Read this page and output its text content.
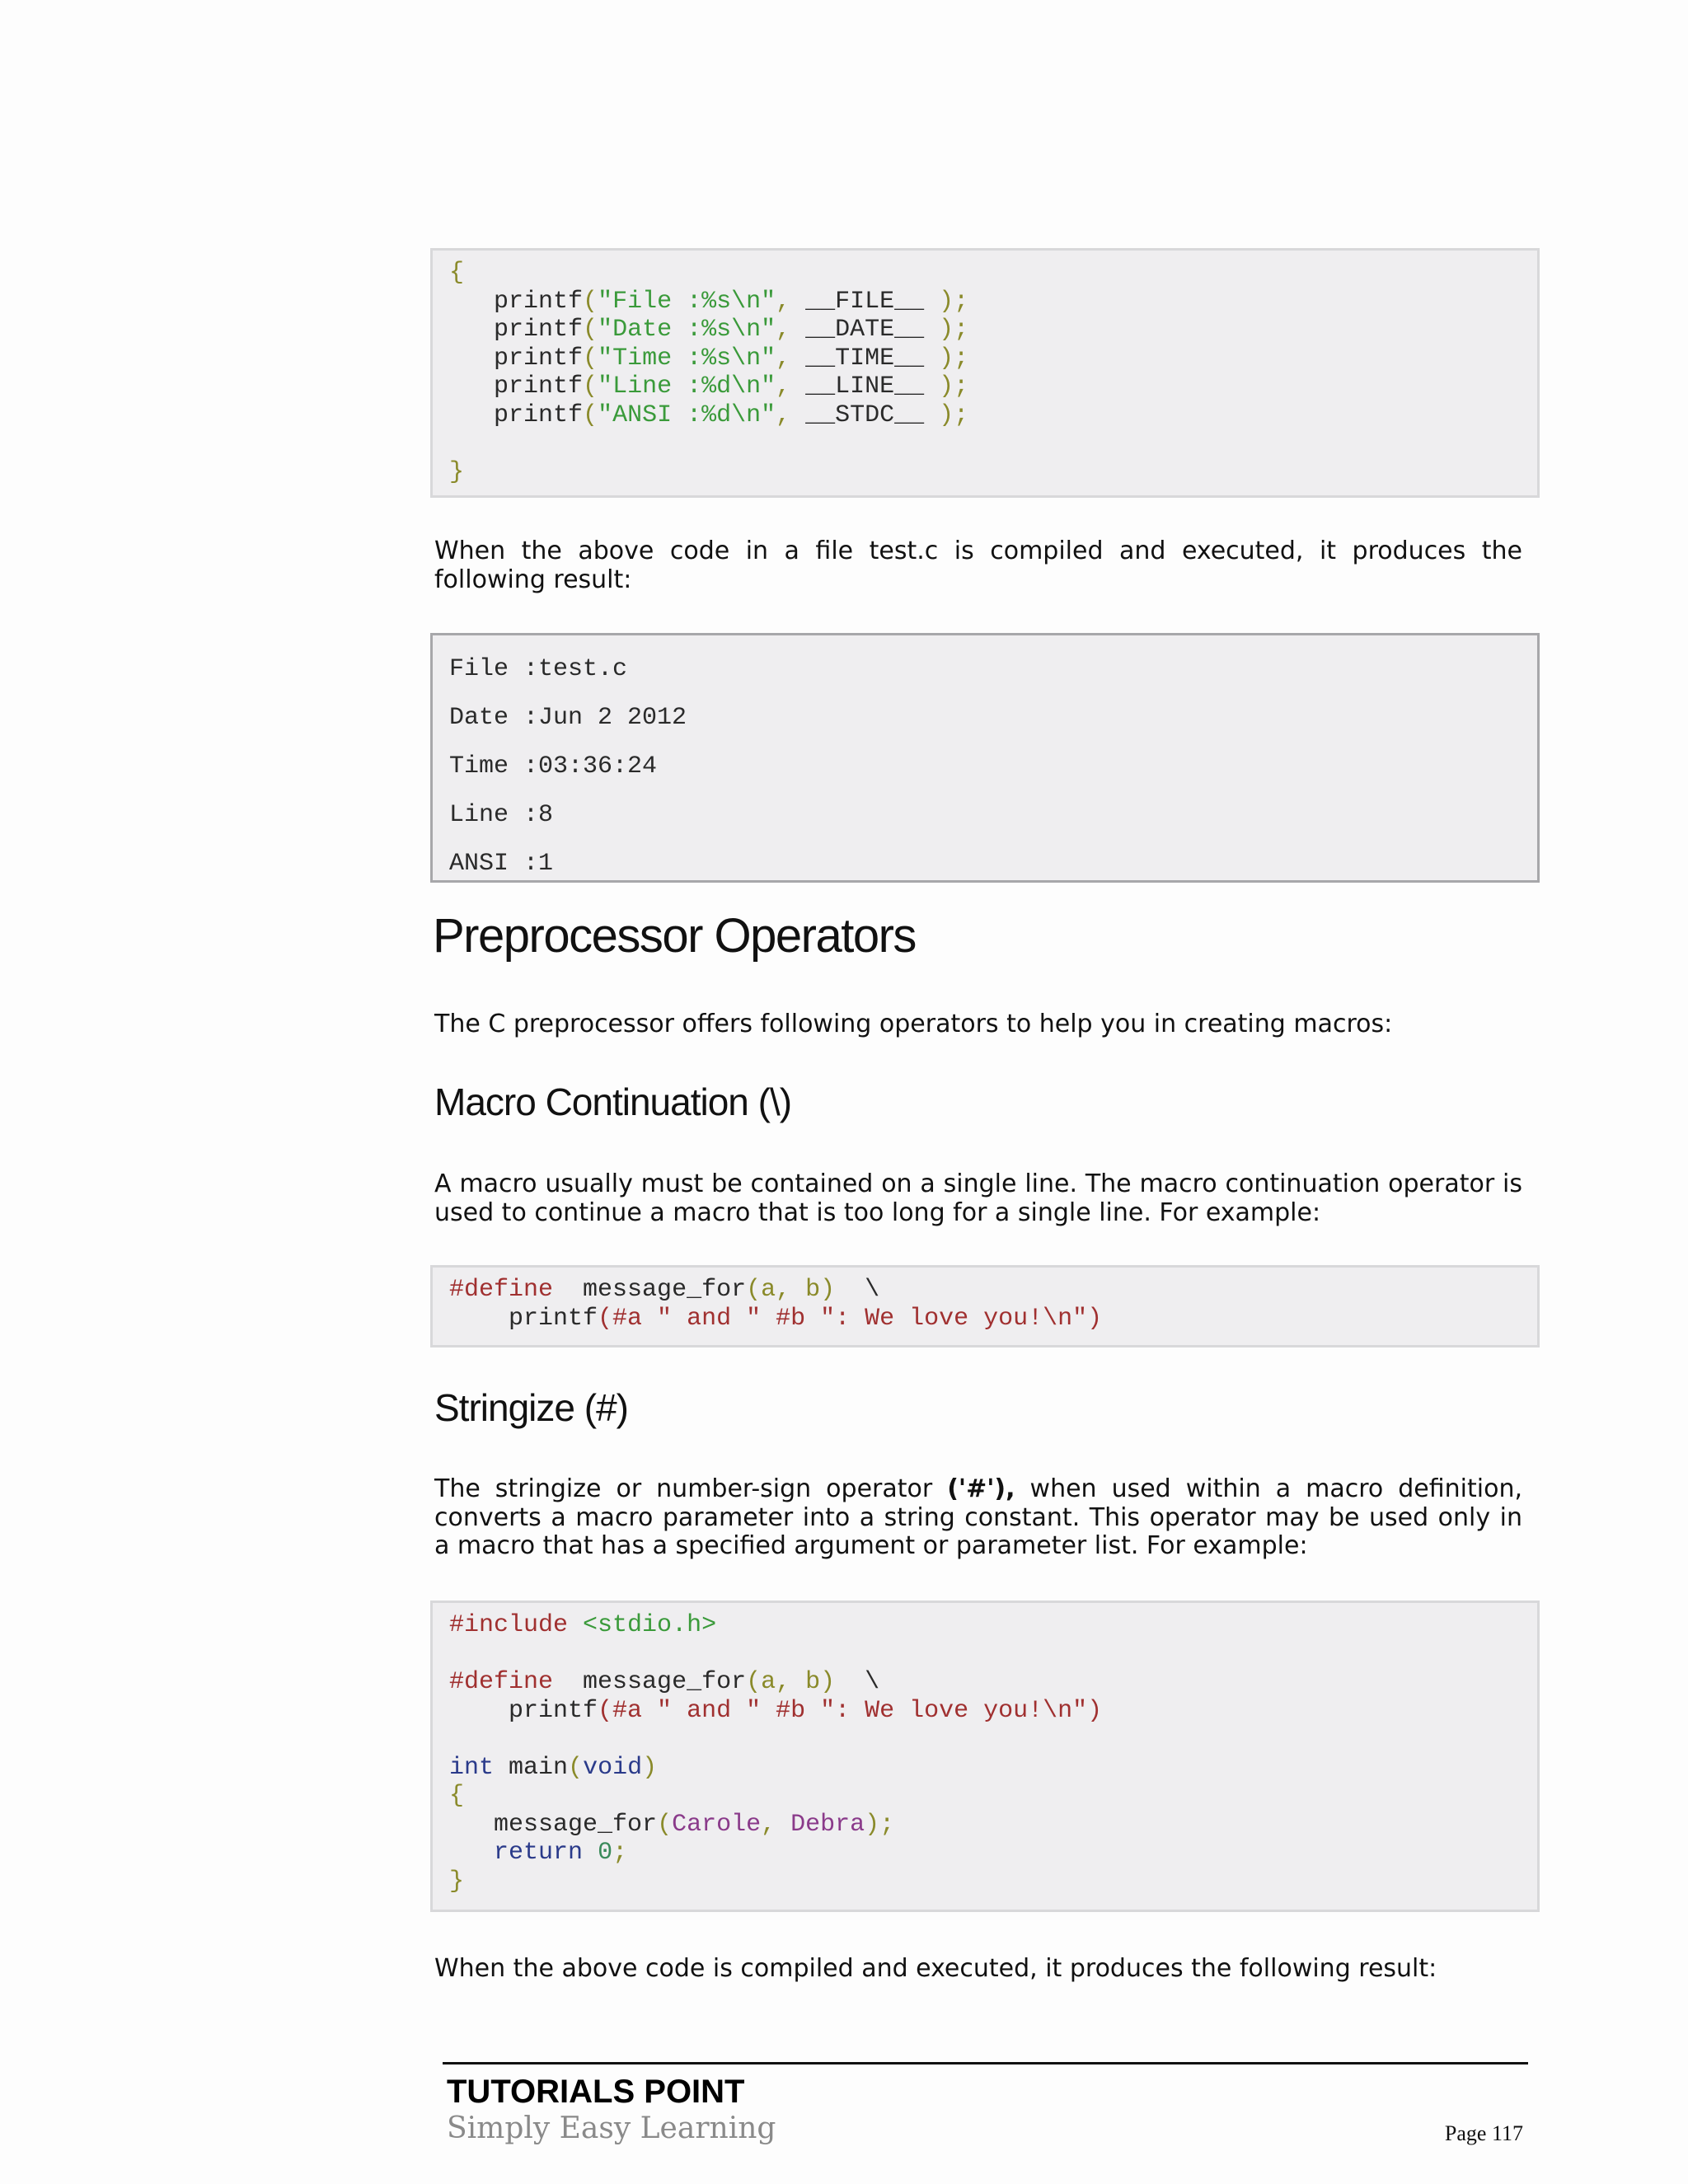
{
printf("File :%s\n", __FILE__ );
printf("Date :%s\n", __DATE__ );
printf("Time :%s\n", __TIME__ );
printf("Line :%d\n", __LINE__ );
printf("ANSI :%d\n", __STDC__ );

}

When the above code in a file test.c is compiled and executed, it produces the following result:

File :test.c
Date :Jun 2 2012
Time :03:36:24
Line :8
ANSI :1
Preprocessor Operators

The C preprocessor offers following operators to help you in creating macros:

Macro Continuation (\)

A macro usually must be contained on a single line. The macro continuation operator is used to continue a macro that is too long for a single line. For example:

#define message_for(a, b) \
printf(#a " and " #b ": We love you!\n")
Stringize (#)

The stringize or number-sign operator ('#'), when used within a macro definition, converts a macro parameter into a string constant. This operator may be used only in a macro that has a specified argument or parameter list. For example:

#include <stdio.h>

#define message_for(a, b) \
printf(#a " and " #b ": We love you!\n")

int main(void)
{
message_for(Carole, Debra);
return 0;
}

When the above code is compiled and executed, it produces the following result:

TUTORIALS POINT
Simply Easy Learning	Page 117
